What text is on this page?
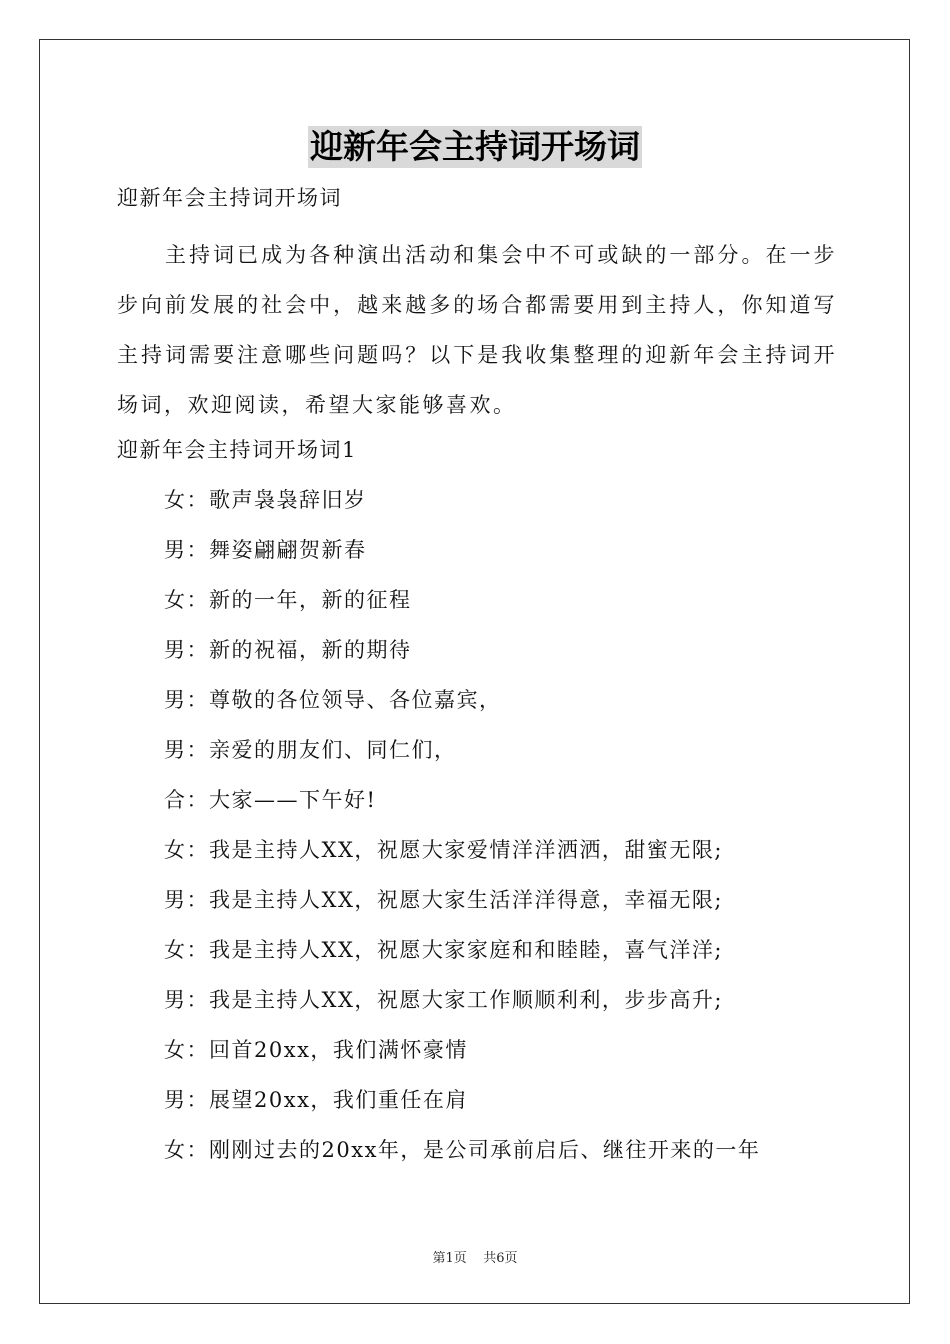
迎新年会主持词开场词
迎新年会主持词开场词
主持词已成为各种演出活动和集会中不可或缺的一部分。在一步步向前发展的社会中，越来越多的场合都需要用到主持人，你知道写主持词需要注意哪些问题吗？以下是我收集整理的迎新年会主持词开场词，欢迎阅读，希望大家能够喜欢。
迎新年会主持词开场词1
女：歌声袅袅辞旧岁
男：舞姿翩翩贺新春
女：新的一年，新的征程
男：新的祝福，新的期待
男：尊敬的各位领导、各位嘉宾，
男：亲爱的朋友们、同仁们，
合：大家——下午好!
女：我是主持人XX，祝愿大家爱情洋洋洒洒，甜蜜无限;
男：我是主持人XX，祝愿大家生活洋洋得意，幸福无限;
女：我是主持人XX，祝愿大家家庭和和睦睦，喜气洋洋;
男：我是主持人XX，祝愿大家工作顺顺利利，步步高升;
女：回首20xx，我们满怀豪情
男：展望20xx，我们重任在肩
女：刚刚过去的20xx年，是公司承前启后、继往开来的一年
第1页 共6页
